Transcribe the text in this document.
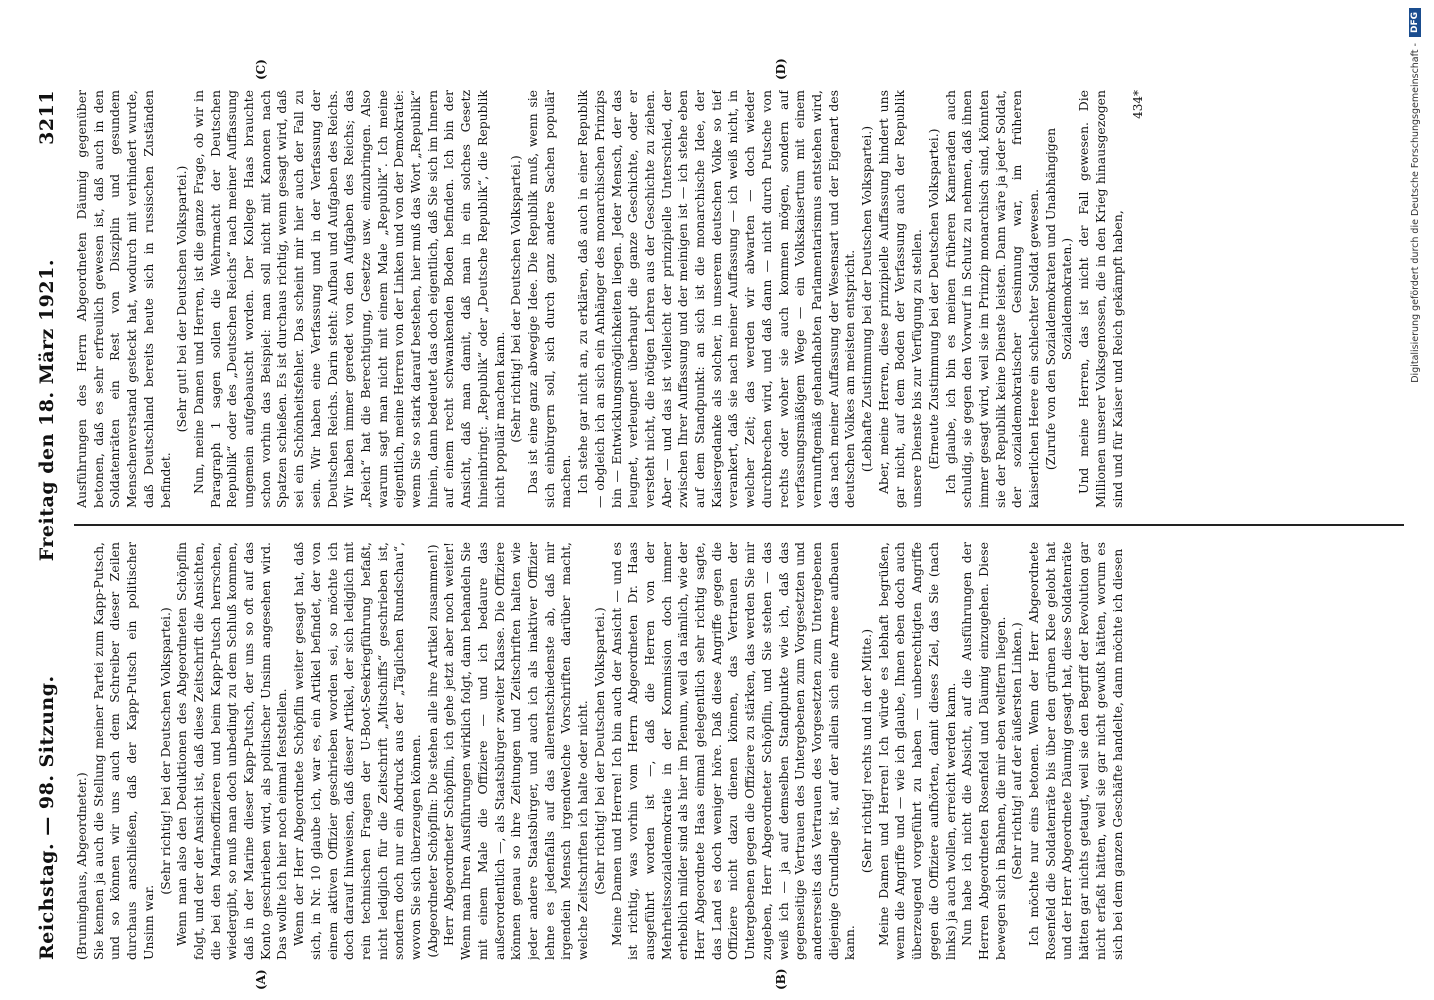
Reichstag. — 98. Sitzung.
Freitag den 18. März 1921.
3211

(Bruninghaus, Abgeordneter.) Sie kennen ja auch die Stellung meiner Partei zum Kapp-Putsch, und so können wir uns auch dem Schreiber dieser Zeilen durchaus anschließen, daß der Kapp-Putsch ein politischer Unsinn war.

(Sehr richtig! bei der Deutschen Volkspartei.) Wenn man also den Deduktionen des Abgeordneten Schöpflin folgt, und der der Ansicht ist, daß diese Zeitschrift die Ansichten, die bei den Marineoffizieren und beim Kapp-Putsch herrschen, wiedergibt, so muß man doch unbedingt zu dem Schluß kommen, daß in der Marine dieser Kapp-Putsch, der uns so oft auf das Konto geschrieben wird, als politischer Unsinn angesehen wird. Das wollte ich hier noch einmal feststellen. Wenn der Herr Abgeordnete Schöpflin weiter gesagt hat, daß sich, in Nr. 10 glaube ich, war es, ein Artikel befindet, der von einem aktiven Offizier geschrieben worden sei, so möchte ich doch darauf hinweisen, daß dieser Artikel, der sich lediglich mit rein technischen Fragen der U-Boot-Seekriegführung befaßt, nicht lediglich für die Zeitschrift „Mitschiffs“ geschrieben ist, sondern doch nur ein Abdruck aus der „Täglichen Rundschau“, wovon Sie sich überzeugen können. (Abgeordneter Schöpflin: Die stehen alle ihre Artikel zusammen!) Herr Abgeordneter Schöpflin, ich gehe jetzt aber noch weiter! Wenn man Ihren Ausführungen wirklich folgt, dann behandeln Sie mit einem Male die Offiziere — und ich bedaure das außerordentlich —, als Staatsbürger zweiter Klasse. Die Offiziere können genau so ihre Zeitungen und Zeitschriften halten wie jeder andere Staatsbürger, und auch ich als inaktiver Offizier lehne es jedenfalls auf das allerentschiedenste ab, daß mir irgendein Mensch irgendwelche Vorschriften darüber macht, welche Zeitschriften ich halte oder nicht. (Sehr richtig! bei der Deutschen Volkspartei.) Meine Damen und Herren! Ich bin auch der Ansicht — und es ist richtig, was vorhin vom Herrn Abgeordneten Dr. Haas ausgeführt worden ist —, daß die Herren von der Mehrheitssozialdemokratie in der Kommission doch immer erheblich milder sind als hier im Plenum, weil da nämlich, wie der Herr Abgeordnete Haas einmal gelegentlich sehr richtig sagte, das Land es doch weniger höre. Daß diese Angriffe gegen die Offiziere nicht dazu dienen können, das Vertrauen der Untergebenen gegen die Offiziere zu stärken, das werden Sie mir zugeben, Herr Abgeordneter Schöpflin, und Sie stehen — das weiß ich — ja auf demselben Standpunkte wie ich, daß das gegenseitige Vertrauen des Untergebenen zum Vorgesetzten und andererseits das Vertrauen des Vorgesetzten zum Untergebenen diejenige Grundlage ist, auf der allein sich eine Armee aufbauen kann.

(Sehr richtig! rechts und in der Mitte.) Meine Damen und Herren! Ich würde es lebhaft begrüßen, wenn die Angriffe und — wie ich glaube, Ihnen eben doch auch überzeugend vorgeführt zu haben — unberechtigten Angriffe gegen die Offiziere aufhörten, damit dieses Ziel, das Sie (nach links) ja auch wollen, erreicht werden kann. Nun habe ich nicht die Absicht, auf die Ausführungen der Herren Abgeordneten Rosenfeld und Däumig einzugehen. Diese bewegen sich in Bahnen, die mir eben weltfern liegen. (Sehr richtig! auf der äußersten Linken.) Ich möchte nur eins betonen. Wenn der Herr Abgeordnete Rosenfeld die Soldatenräte bis über den grünen Klee gelobt hat und der Herr Abgeordnete Däumig gesagt hat, diese Soldatenräte hätten gar nichts getaugt, weil sie den Begriff der Revolution gar nicht erfaßt hätten, weil sie gar nicht gewußt hätten, worum es sich bei dem ganzen Geschäfte handelte, dann möchte ich diesen

Ausführungen des Herrn Abgeordneten Däumig gegenüber betonen, daß es sehr erfreulich gewesen ist, daß auch in den Soldatenräten ein Rest von Disziplin und gesundem Menschenverstand gesteckt hat, wodurch mit verhindert wurde, daß Deutschland bereits heute sich in russischen Zuständen befindet.

(Sehr gut! bei der Deutschen Volkspartei.) Nun, meine Damen und Herren, ist die ganze Frage, ob wir in Paragraph 1 sagen sollen die Wehrmacht der Deutschen Republik“ oder des „Deutschen Reichs“ nach meiner Auffassung ungemein aufgebauscht worden. Der Kollege Haas brauchte schon vorhin das Beispiel: man soll nicht mit Kanonen nach Spatzen schießen. Es ist durchaus richtig, wenn gesagt wird, daß sei ein Schönheitsfehler. Das scheint mir hier auch der Fall zu sein. Wir haben eine Verfassung und in der Verfassung der Deutschen Reichs. Darin steht: Aufbau und Aufgaben des Reichs. Wir haben immer geredet von den Aufgaben des Reichs; das „Reich“ hat die Berechtigung, Gesetze usw. einzubringen. Also warum sagt man nicht mit einem Male „Republik“. Ich meine eigentlich, meine Herren von der Linken und von der Demokratie: wenn Sie so stark darauf bestehen, hier muß das Wort „Republik“ hinein, dann bedeutet das doch eigentlich, daß Sie sich im Innern auf einem recht schwankenden Boden befinden. Ich bin der Ansicht, daß man damit, daß man in ein solches Gesetz hineinbringt: „Republik“ oder „Deutsche Republik“, die Republik nicht populär machen kann. (Sehr richtig! bei der Deutschen Volkspartei.) Das ist eine ganz abwegige Idee. Die Republik muß, wenn sie sich einbürgern soll, sich durch ganz andere Sachen populär machen. Ich stehe gar nicht an, zu erklären, daß auch in einer Republik — obgleich ich an sich ein Anhänger des monarchischen Prinzips bin — Entwicklungsmöglichkeiten liegen. Jeder Mensch, der das leugnet, verleugnet überhaupt die ganze Geschichte, oder er versteht nicht, die nötigen Lehren aus der Geschichte zu ziehen. Aber — und das ist vielleicht der prinzipielle Unterschied, der zwischen Ihrer Auffassung und der meinigen ist — ich stehe eben auf dem Standpunkt: an sich ist die monarchische Idee, der Kaisergedanke als solcher, in unserem deutschen Volke so tief verankert, daß sie nach meiner Auffassung — ich weiß nicht, in welcher Zeit; das werden wir abwarten — doch wieder durchbrechen wird, und daß dann — nicht durch Putsche von rechts oder woher sie auch kommen mögen, sondern auf verfassungsmäßigem Wege — ein Volkskaisertum mit einem vernunftgemäß gehandhabten Parlamentarismus entstehen wird, das nach meiner Auffassung der Wesensart und der Eigenart des deutschen Volkes am meisten entspricht. (Lebhafte Zustimmung bei der Deutschen Volkspartei.) Aber, meine Herren, diese prinzipielle Auffassung hindert uns gar nicht, auf dem Boden der Verfassung auch der Republik unsere Dienste bis zur Verfügung zu stellen. (Erneute Zustimmung bei der Deutschen Volkspartei.) Ich glaube, ich bin es meinen früheren Kameraden auch schuldig, sie gegen den Vorwurf in Schutz zu nehmen, daß ihnen immer gesagt wird, weil sie im Prinzip monarchisch sind, könnten sie der Republik keine Dienste leisten. Dann wäre ja jeder Soldat, der sozialdemokratischer Gesinnung war, im früheren kaiserlichen Heere ein schlechter Soldat gewesen. (Zurufe von den Sozialdemokraten und Unabhängigen Sozialdemokraten.) Und meine Herren, das ist nicht der Fall gewesen. Die Millionen unserer Volksgenossen, die in den Krieg hinausgezogen sind und für Kaiser und Reich gekämpft haben,

434*
(A)	(B)
(C)	(D)	Digitalisierung gefördert durch die Deutsche Forschungsgemeinschaft -
DFG
